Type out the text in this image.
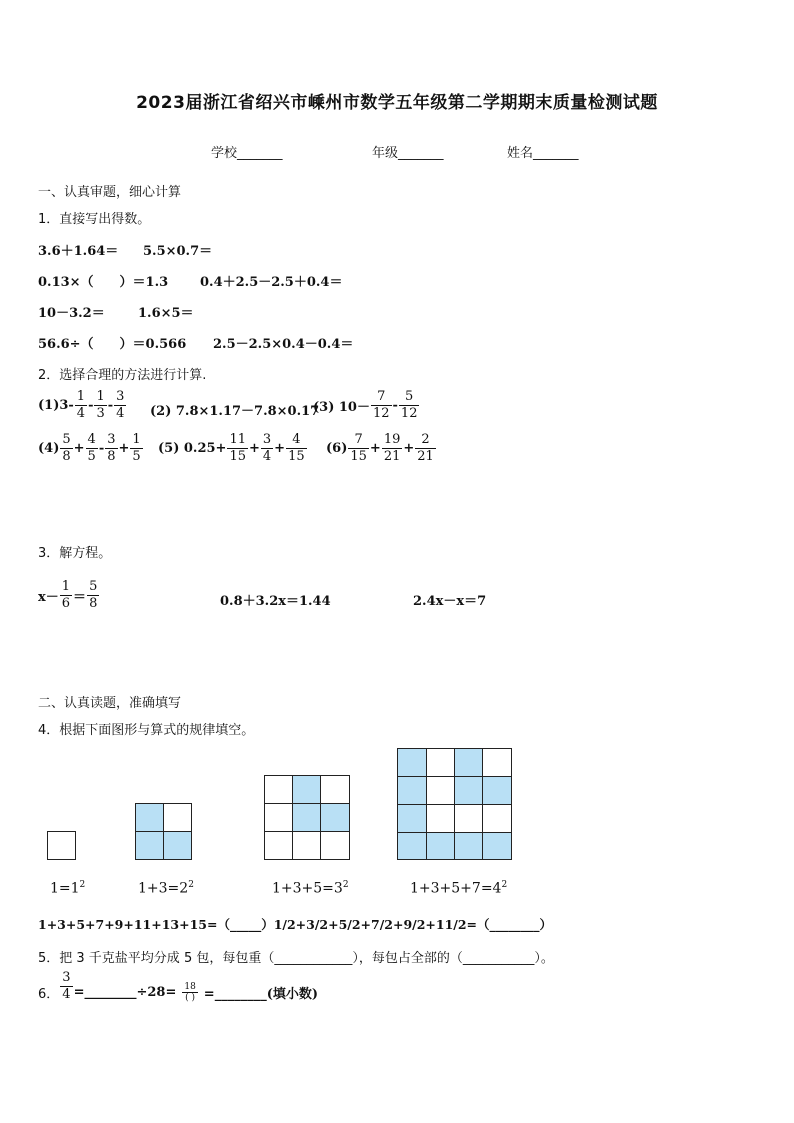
2023届浙江省绍兴市嵊州市数学五年级第二学期期末质量检测试题
学校_______	年级_______	姓名_______
一、认真审题，细心计算
1．直接写出得数。
3.6＋1.64＝ 5.5×0.7＝
0.13×（　　）＝1.3 0.4＋2.5－2.5＋0.4＝
10－3.2＝	1.6×5＝
56.6÷（　　）＝0.566 2.5－2.5×0.4－0.4＝
2．选择合理的方法进行计算.
$(1)3- \frac{1}{4} - \frac{1}{3} - \frac{3}{4} (2)$ 7.8×1.17－7.8×0.17
(3) $10- \frac{7}{12} - \frac{5}{12}$
$(4) \frac{5}{8} + \frac{4}{5} - \frac{3}{8} + \frac{1}{5} (5)$ $0.25+ \frac{11}{15} + \frac{3}{4} + \frac{4}{15} (6) \frac{7}{15} + \frac{19}{21} + \frac{2}{21}$
3．解方程。
$x- \frac{1}{6} = \frac{5}{8}$	0.8＋3.2x＝1.44	2.4x－x＝7
二、认真读题，准确填写
4．根据下面图形与算式的规律填空。
$1=1^2$	$1+3=2^2$	$1+3+5=3^2$	$1+3+5+7=4^2$
1+3+5+7+9+11+13+15=（_____）1/2+3/2+5/2+7/2+9/2+11/2=（________）
5．把 3 千克盐平均分成 5 包，每包重（____________），每包占全部的（___________）。
6． $\frac{3}{4}$ =________÷28= $\frac{18}{( )}$ =________(填小数)
